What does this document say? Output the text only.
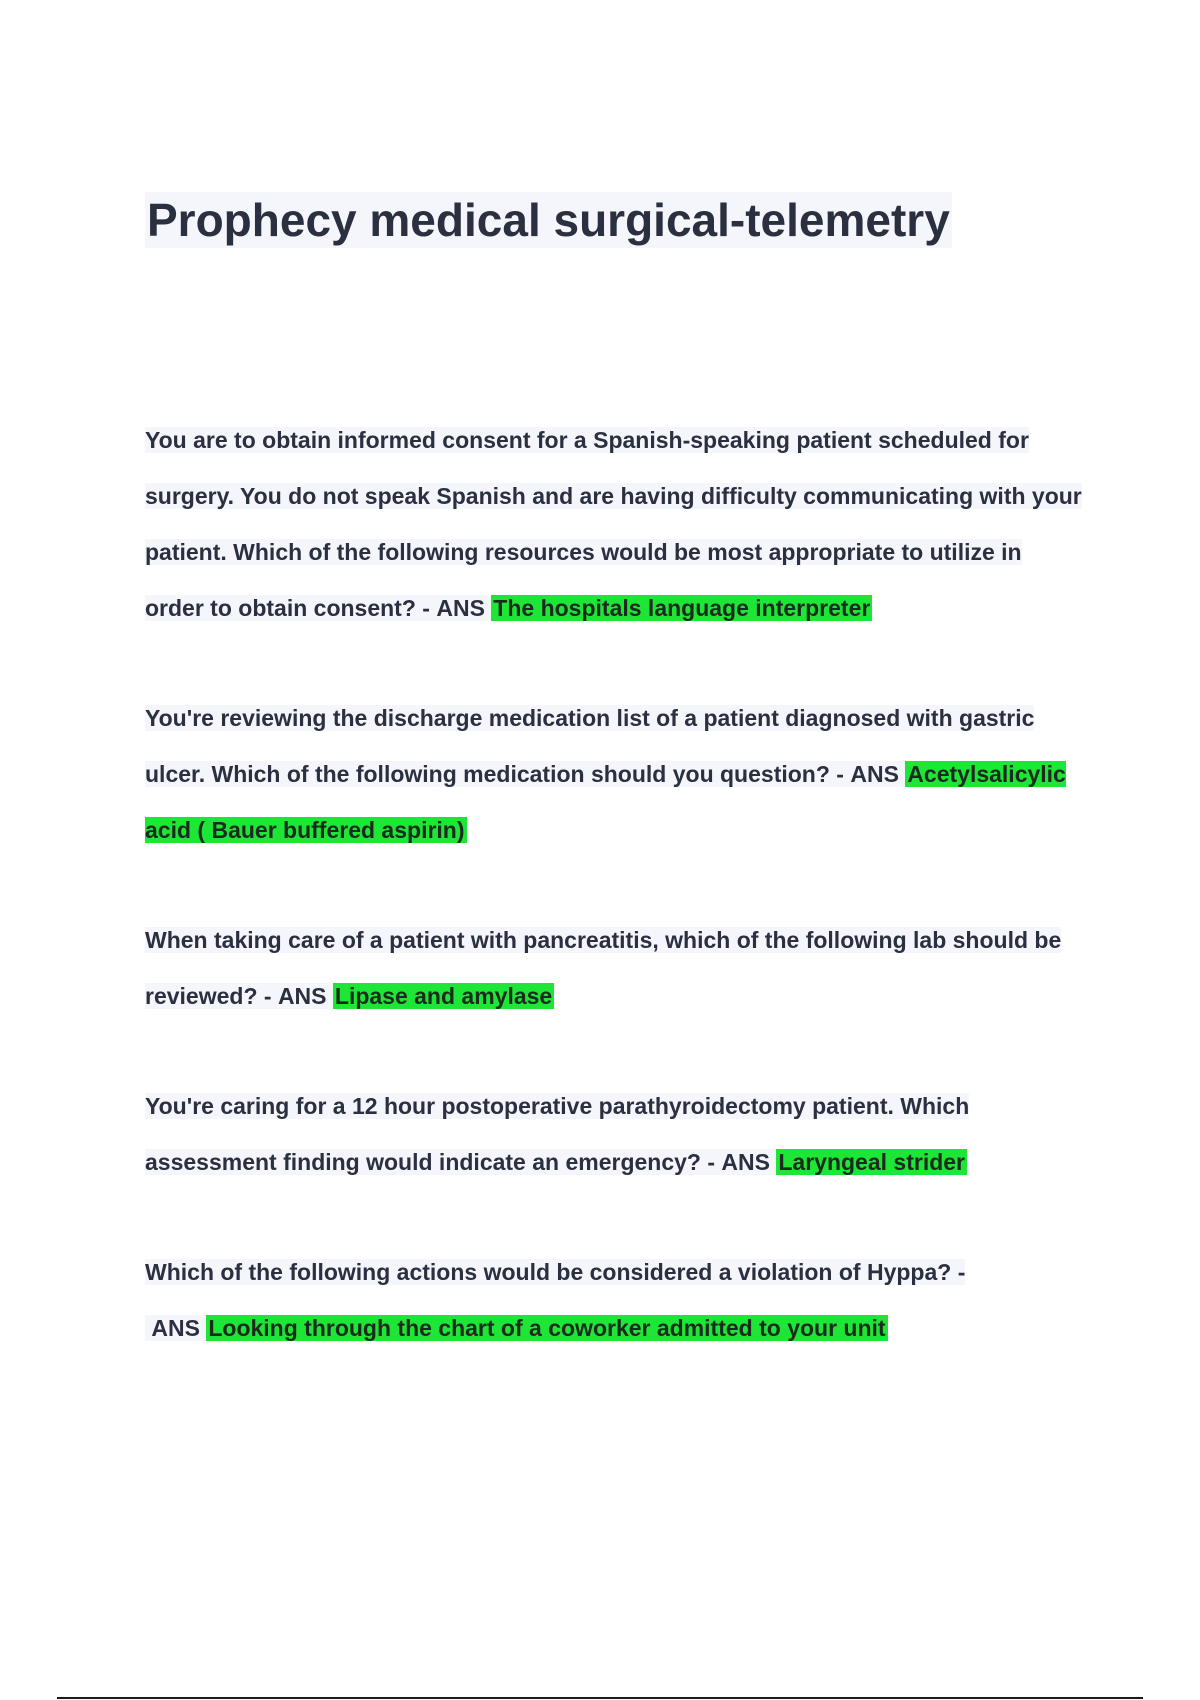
Prophecy medical surgical-telemetry

You are to obtain informed consent for a Spanish-speaking patient scheduled for surgery. You do not speak Spanish and are having difficulty communicating with your patient. Which of the following resources would be most appropriate to utilize in order to obtain consent? - ANS The hospitals language interpreter

You're reviewing the discharge medication list of a patient diagnosed with gastric ulcer. Which of the following medication should you question? - ANS Acetylsalicylic acid ( Bauer buffered aspirin)

When taking care of a patient with pancreatitis, which of the following lab should be reviewed? - ANS Lipase and amylase

You're caring for a 12 hour postoperative parathyroidectomy patient. Which assessment finding would indicate an emergency? - ANS Laryngeal strider

Which of the following actions would be considered a violation of Hyppa? - ANS Looking through the chart of a coworker admitted to your unit
